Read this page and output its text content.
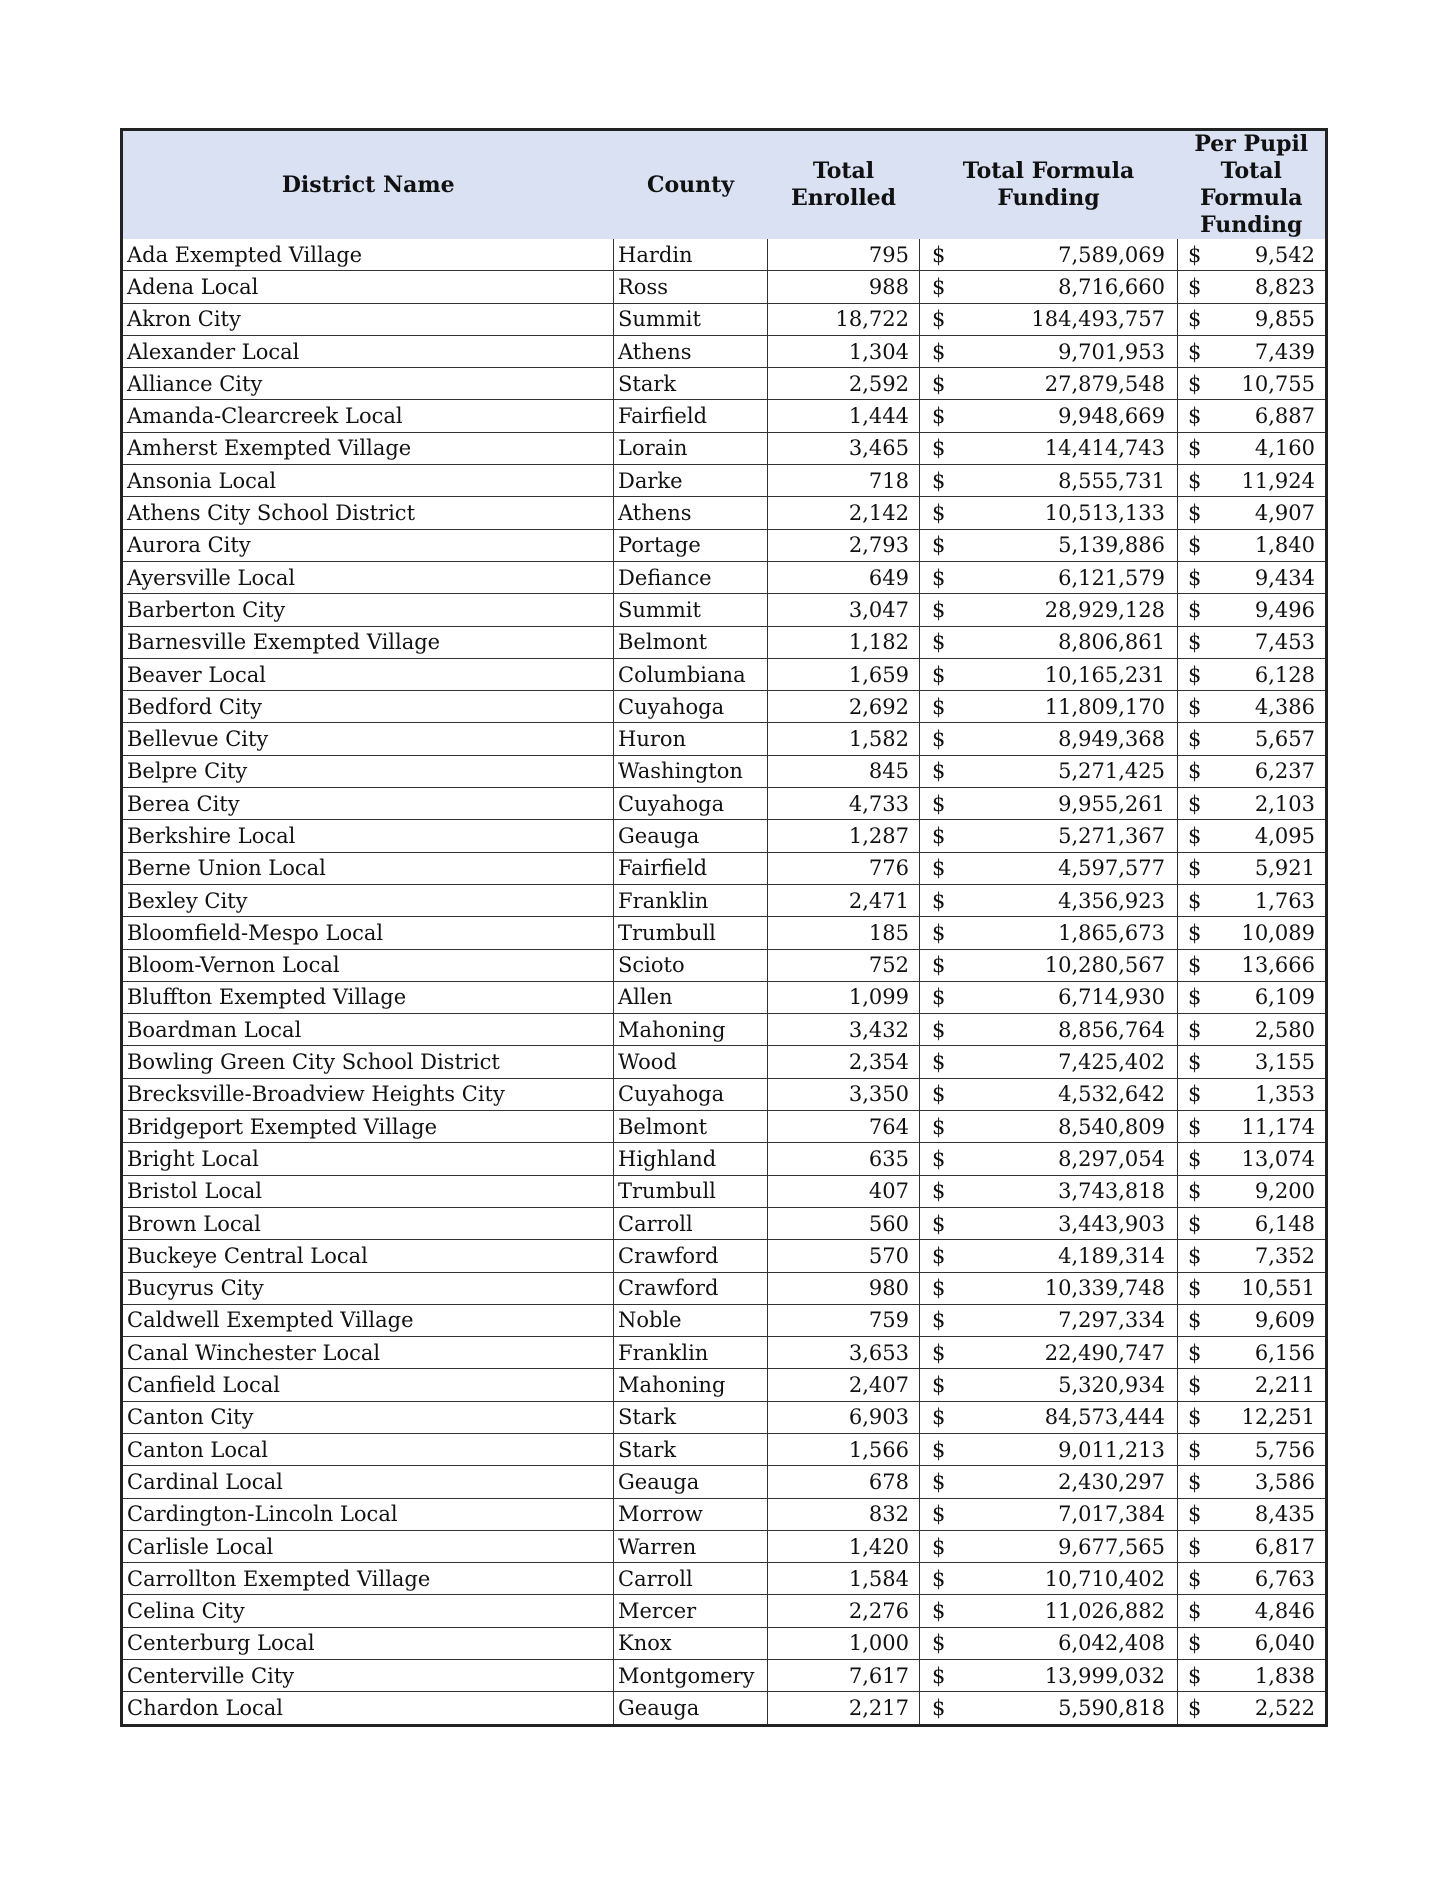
District Name	County	Total Enrolled	Total Formula Funding		Per Pupil Total Formula Funding	
Ada Exempted Village	Hardin	795	$	7,589,069	$	9,542
Adena Local	Ross	988	$	8,716,660	$	8,823
Akron City	Summit	18,722	$	184,493,757	$	9,855
Alexander Local	Athens	1,304	$	9,701,953	$	7,439
Alliance City	Stark	2,592	$	27,879,548	$	10,755
Amanda-Clearcreek Local	Fairfield	1,444	$	9,948,669	$	6,887
Amherst Exempted Village	Lorain	3,465	$	14,414,743	$	4,160
Ansonia Local	Darke	718	$	8,555,731	$	11,924
Athens City School District	Athens	2,142	$	10,513,133	$	4,907
Aurora City	Portage	2,793	$	5,139,886	$	1,840
Ayersville Local	Defiance	649	$	6,121,579	$	9,434
Barberton City	Summit	3,047	$	28,929,128	$	9,496
Barnesville Exempted Village	Belmont	1,182	$	8,806,861	$	7,453
Beaver Local	Columbiana	1,659	$	10,165,231	$	6,128
Bedford City	Cuyahoga	2,692	$	11,809,170	$	4,386
Bellevue City	Huron	1,582	$	8,949,368	$	5,657
Belpre City	Washington	845	$	5,271,425	$	6,237
Berea City	Cuyahoga	4,733	$	9,955,261	$	2,103
Berkshire Local	Geauga	1,287	$	5,271,367	$	4,095
Berne Union Local	Fairfield	776	$	4,597,577	$	5,921
Bexley City	Franklin	2,471	$	4,356,923	$	1,763
Bloomfield-Mespo Local	Trumbull	185	$	1,865,673	$	10,089
Bloom-Vernon Local	Scioto	752	$	10,280,567	$	13,666
Bluffton Exempted Village	Allen	1,099	$	6,714,930	$	6,109
Boardman Local	Mahoning	3,432	$	8,856,764	$	2,580
Bowling Green City School District	Wood	2,354	$	7,425,402	$	3,155
Brecksville-Broadview Heights City	Cuyahoga	3,350	$	4,532,642	$	1,353
Bridgeport Exempted Village	Belmont	764	$	8,540,809	$	11,174
Bright Local	Highland	635	$	8,297,054	$	13,074
Bristol Local	Trumbull	407	$	3,743,818	$	9,200
Brown Local	Carroll	560	$	3,443,903	$	6,148
Buckeye Central Local	Crawford	570	$	4,189,314	$	7,352
Bucyrus City	Crawford	980	$	10,339,748	$	10,551
Caldwell Exempted Village	Noble	759	$	7,297,334	$	9,609
Canal Winchester Local	Franklin	3,653	$	22,490,747	$	6,156
Canfield Local	Mahoning	2,407	$	5,320,934	$	2,211
Canton City	Stark	6,903	$	84,573,444	$	12,251
Canton Local	Stark	1,566	$	9,011,213	$	5,756
Cardinal Local	Geauga	678	$	2,430,297	$	3,586
Cardington-Lincoln Local	Morrow	832	$	7,017,384	$	8,435
Carlisle Local	Warren	1,420	$	9,677,565	$	6,817
Carrollton Exempted Village	Carroll	1,584	$	10,710,402	$	6,763
Celina City	Mercer	2,276	$	11,026,882	$	4,846
Centerburg Local	Knox	1,000	$	6,042,408	$	6,040
Centerville City	Montgomery	7,617	$	13,999,032	$	1,838
Chardon Local	Geauga	2,217	$	5,590,818	$	2,522
